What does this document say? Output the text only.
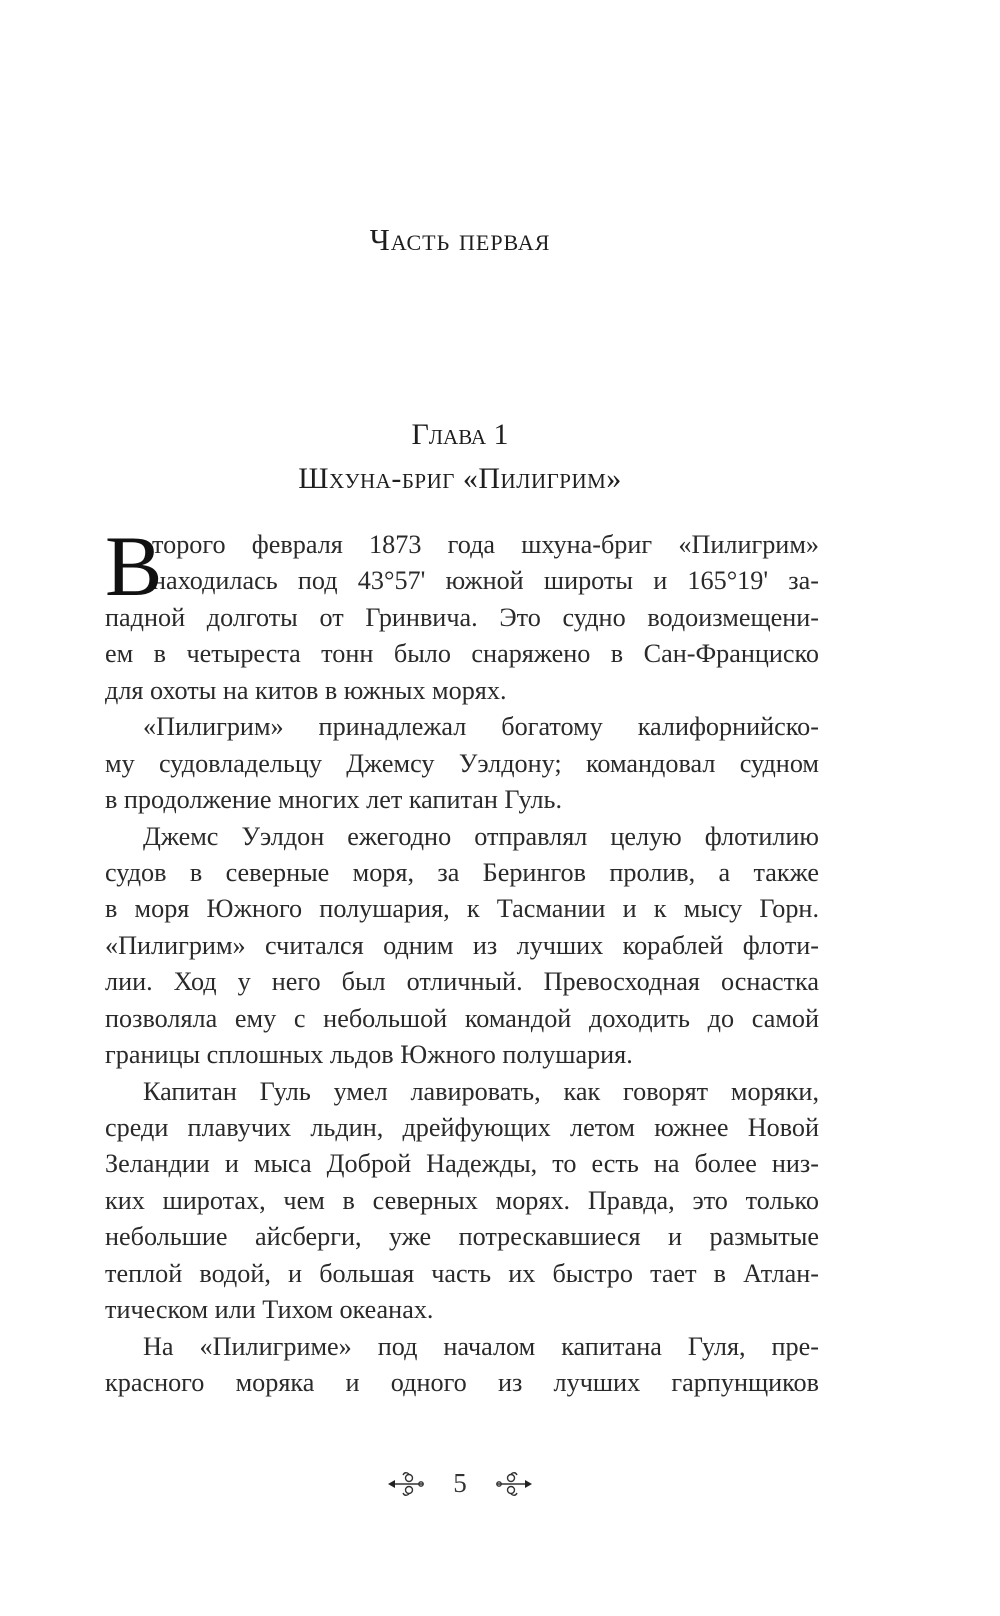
Часть первая
Глава 1
Шхуна-бриг «Пилигрим»
В
торого февраля 1873 года шхуна-бриг «Пилигрим»
находилась под 43°57' южной широты и 165°19' за-
падной долготы от Гринвича. Это судно водоизмещени-
ем в четыреста тонн было снаряжено в Сан-Франциско
для охоты на китов в южных морях.
«Пилигрим» принадлежал богатому калифорнийско-
му судовладельцу Джемсу Уэлдону; командовал судном
в продолжение многих лет капитан Гуль.
Джемс Уэлдон ежегодно отправлял целую флотилию
судов в северные моря, за Берингов пролив, а также
в моря Южного полушария, к Тасмании и к мысу Горн.
«Пилигрим» считался одним из лучших кораблей флоти-
лии. Ход у него был отличный. Превосходная оснастка
позволяла ему с небольшой командой доходить до самой
границы сплошных льдов Южного полушария.
Капитан Гуль умел лавировать, как говорят моряки,
среди плавучих льдин, дрейфующих летом южнее Новой
Зеландии и мыса Доброй Надежды, то есть на более низ-
ких широтах, чем в северных морях. Правда, это только
небольшие айсберги, уже потрескавшиеся и размытые
теплой водой, и большая часть их быстро тает в Атлан-
тическом или Тихом океанах.
На «Пилигриме» под началом капитана Гуля, пре-
красного моряка и одного из лучших гарпунщиков
5
